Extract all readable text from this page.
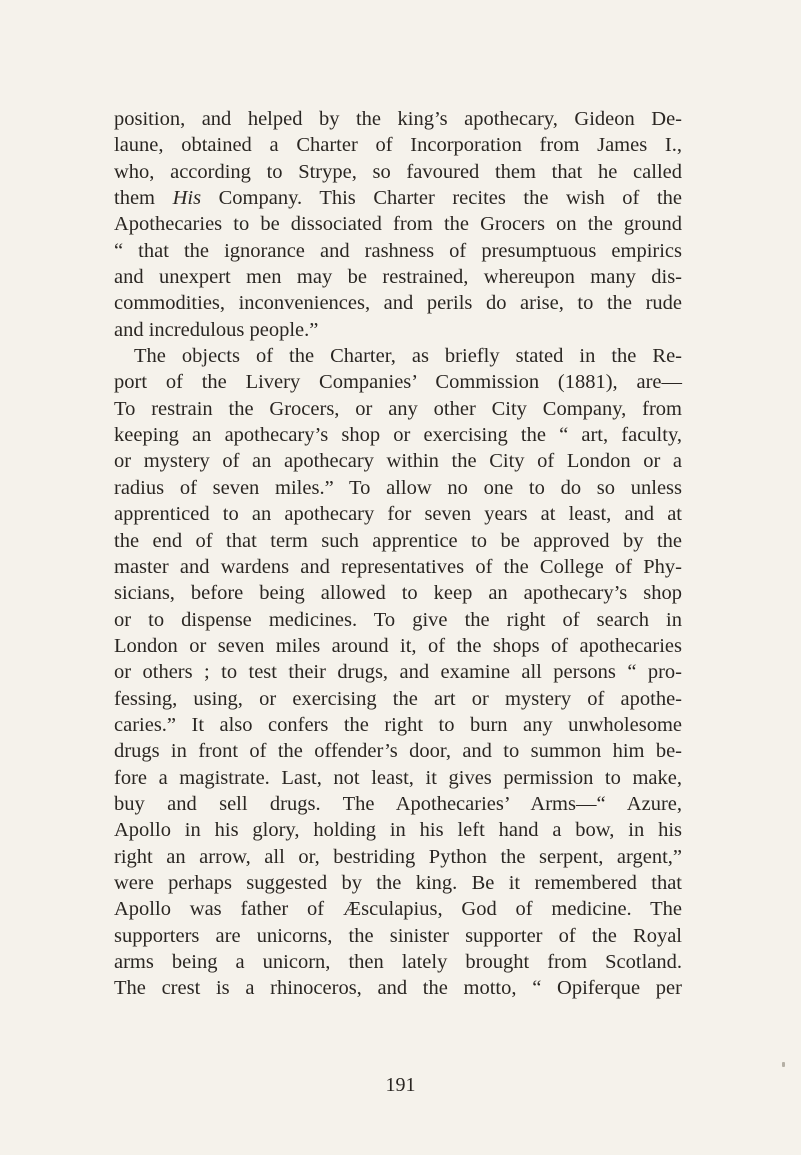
position, and helped by the king’s apothecary, Gideon De-
laune, obtained a Charter of Incorporation from James I.,
who, according to Strype, so favoured them that he called
them His Company. This Charter recites the wish of the
Apothecaries to be dissociated from the Grocers on the ground
“ that the ignorance and rashness of presumptuous empirics
and unexpert men may be restrained, whereupon many dis-
commodities, inconveniences, and perils do arise, to the rude
and incredulous people.”
The objects of the Charter, as briefly stated in the Re-
port of the Livery Companies’ Commission (1881), are—
To restrain the Grocers, or any other City Company, from
keeping an apothecary’s shop or exercising the “ art, faculty,
or mystery of an apothecary within the City of London or a
radius of seven miles.” To allow no one to do so unless
apprenticed to an apothecary for seven years at least, and at
the end of that term such apprentice to be approved by the
master and wardens and representatives of the College of Phy-
sicians, before being allowed to keep an apothecary’s shop
or to dispense medicines. To give the right of search in
London or seven miles around it, of the shops of apothecaries
or others ; to test their drugs, and examine all persons “ pro-
fessing, using, or exercising the art or mystery of apothe-
caries.” It also confers the right to burn any unwholesome
drugs in front of the offender’s door, and to summon him be-
fore a magistrate. Last, not least, it gives permission to make,
buy and sell drugs. The Apothecaries’ Arms—“ Azure,
Apollo in his glory, holding in his left hand a bow, in his
right an arrow, all or, bestriding Python the serpent, argent,”
were perhaps suggested by the king. Be it remembered that
Apollo was father of Æsculapius, God of medicine. The
supporters are unicorns, the sinister supporter of the Royal
arms being a unicorn, then lately brought from Scotland.
The crest is a rhinoceros, and the motto, “ Opiferque per
191
